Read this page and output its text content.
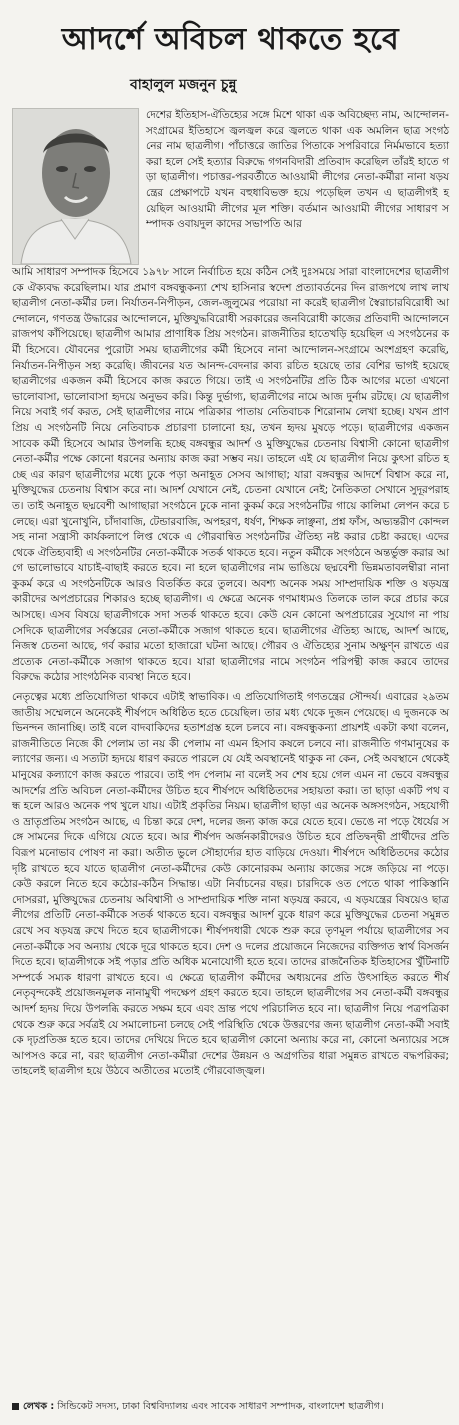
আদর্শে অবিচল থাকতে হবে
বাহালুল মজনুন চুন্নু
দেশের ইতিহাস-ঐতিহ্যের সঙ্গে মিশে থাকা এক অবিচ্ছেদ্য নাম, আন্দোলন-সংগ্রামের ইতিহাসে জ্বলজ্বল করে জ্বলতে থাকা এক অমলিন ছাত্র সংগঠনের নাম ছাত্রলীগ। পাঁচাত্তরে জাতির পিতাকে সপরিবারে নির্মমভাবে হত্যা করা হলে সেই হত্যার বিরুদ্ধে গগনবিদারী প্রতিবাদ করেছিল তাঁরই হাতে গড়া ছাত্রলীগ। পচাত্তর-পরবর্তীতে আওয়ামী লীগের নেতা-কর্মীরা নানা ষড়যন্ত্রের প্রেক্ষাপটে যখন বহুধাবিভক্ত হয়ে পড়েছিল তখন এ ছাত্রলীগই হয়েছিল আওয়ামী লীগের মূল শক্তি। বর্তমান আওয়ামী লীগের সাধারণ সম্পাদক ওবায়দুল কাদের সভাপতি আর

আমি সাধারণ সম্পাদক হিসেবে ১৯৭৮ সালে নির্বাচিত হয়ে কঠিন সেই দুঃসময়ে সারা বাংলাদেশের ছাত্রলীগকে ঐক্যবদ্ধ করেছিলাম। যার প্রমাণ বঙ্গবন্ধুকন্যা শেখ হাসিনার স্বদেশ প্রত্যাবর্তনের দিন রাজপথে লাখ লাখ ছাত্রলীগ নেতা-কর্মীর ঢল। নির্যাতন-নিপীড়ন, জেল-জুলুমের পরোয়া না করেই ছাত্রলীগ স্বৈরাচারবিরোধী আন্দোলনে, গণতন্ত্র উদ্ধারের আন্দোলনে, মুক্তিযুদ্ধবিরোধী সরকারের জনবিরোধী কাজের প্রতিবাদী আন্দোলনে রাজপথ কাঁপিয়েছে। ছাত্রলীগ আমার প্রাণাধিক প্রিয় সংগঠন। রাজনীতির হাতেখড়ি হয়েছিল এ সংগঠনের কর্মী হিসেবে। যৌবনের পুরোটা সময় ছাত্রলীগের কর্মী হিসেবে নানা আন্দোলন-সংগ্রামে অংশগ্রহণ করেছি, নির্যাতন-নিপীড়ন সহ্য করেছি। জীবনের যত আনন্দ-বেদনার কাব্য রচিত হয়েছে তার বেশির ভাগই হয়েছে ছাত্রলীগের একজন কর্মী হিসেবে কাজ করতে গিয়ে। তাই এ সংগঠনটির প্রতি ঠিক আগের মতো এখনো ভালোবাসা, ভালোবাসা হৃদয়ে অনুভব করি। কিন্তু দুর্ভাগ্য, ছাত্রলীগের নামে আজ দুর্নাম রটছে। যে ছাত্রলীগ নিয়ে সবাই গর্ব করত, সেই ছাত্রলীগের নামে পত্রিকার পাতায় নেতিবাচক শিরোনাম লেখা হচ্ছে। যখন প্রাণপ্রিয় এ সংগঠনটি নিয়ে নেতিবাচক প্রচারণা চালানো হয়, তখন হৃদয় মুষড়ে পড়ে। ছাত্রলীগের একজন সাবেক কর্মী হিসেবে আমার উপলব্ধি হচ্ছে বঙ্গবন্ধুর আদর্শ ও মুক্তিযুদ্ধের চেতনায় বিশ্বাসী কোনো ছাত্রলীগ নেতা-কর্মীর পক্ষে কোনো ধরনের অন্যায় কাজ করা সম্ভব নয়। তাহলে এই যে ছাত্রলীগ নিয়ে কুৎসা রচিত হচ্ছে এর কারণ ছাত্রলীগের মধ্যে ঢুকে পড়া অনাহূত সেসব আগাছা; যারা বঙ্গবন্ধুর আদর্শে বিশ্বাস করে না, মুক্তিযুদ্ধের চেতনায় বিশ্বাস করে না। আদর্শ যেখানে নেই, চেতনা যেখানে নেই; নৈতিকতা সেখানে সুদূরপরাহত। তাই অনাহূত ছদ্মবেশী আগাছারা সংগঠনে ঢুকে নানা কুকর্ম করে সংগঠনটির গায়ে কালিমা লেপন করে চলেছে। এরা খুনোখুনি, চাঁদাবাজি, টেন্ডারবাজি, অপহরণ, ধর্ষণ, শিক্ষক লাঞ্ছনা, প্রশ্ন ফাঁস, অভ্যন্তরীণ কোন্দলসহ নানা সন্ত্রাসী কার্যকলাপে লিপ্ত থেকে এ গৌরবান্বিত সংগঠনটির ঐতিহ্য নষ্ট করার চেষ্টা করছে। এদের থেকে ঐতিহ্যবাহী এ সংগঠনটির নেতা-কর্মীকে সতর্ক থাকতে হবে। নতুন কর্মীকে সংগঠনে অন্তর্ভুক্ত করার আগে ভালোভাবে যাচাই-বাছাই করতে হবে। না হলে ছাত্রলীগের নাম ভাঙিয়ে ছদ্মবেশী ভিন্নমতাবলম্বীরা নানা কুকর্ম করে এ সংগঠনটিকে আরও বিতর্কিত করে তুলবে। অবশ্য অনেক সময় সাম্প্রদায়িক শক্তি ও ষড়যন্ত্রকারীদের অপপ্রচারের শিকারও হচ্ছে ছাত্রলীগ। এ ক্ষেত্রে অনেক গণমাধ্যমও তিলকে তাল করে প্রচার করে আসছে। এসব বিষয়ে ছাত্রলীগকে সদা সতর্ক থাকতে হবে। কেউ যেন কোনো অপপ্রচারের সুযোগ না পায় সেদিকে ছাত্রলীগের সর্বস্তরের নেতা-কর্মীকে সজাগ থাকতে হবে। ছাত্রলীগের ঐতিহ্য আছে, আদর্শ আছে, নিজস্ব চেতনা আছে, গর্ব করার মতো হাজারো ঘটনা আছে। গৌরব ও ঐতিহ্যের সুনাম অক্ষুণ্ন রাখতে এর প্রত্যেক নেতা-কর্মীকে সজাগ থাকতে হবে। যারা ছাত্রলীগের নামে সংগঠন পরিপন্থী কাজ করবে তাদের বিরুদ্ধে কঠোর সাংগঠনিক ব্যবস্থা নিতে হবে।

নেতৃত্বের মধ্যে প্রতিযোগিতা থাকবে এটাই স্বাভাবিক। এ প্রতিযোগিতাই গণতন্ত্রের সৌন্দর্য। এবারের ২৯তম জাতীয় সম্মেলনে অনেকেই শীর্ষপদে অধিষ্ঠিত হতে চেয়েছিল। তার মধ্য থেকে দুজন পেয়েছে। এ দুজনকে অভিনন্দন জানাচ্ছি। তাই বলে বাদবাকিদের হতাশগ্রস্ত হলে চলবে না। বঙ্গবন্ধুকন্যা প্রায়শই একটা কথা বলেন, রাজনীতিতে নিজে কী পেলাম তা নয় কী পেলাম না এমন হিসাব কষলে চলবে না। রাজনীতি গণমানুষের কল্যাণের জন্য। এ সত্যটা হৃদয়ে ধারণ করতে পারলে যে যেই অবস্থানেই থাকুক না কেন, সেই অবস্থানে থেকেই মানুষের কল্যাণে কাজ করতে পারবে। তাই পদ পেলাম না বলেই সব শেষ হয়ে গেল এমন না ভেবে বঙ্গবন্ধুর আদর্শের প্রতি অবিচল নেতা-কর্মীদের উচিত হবে শীর্ষপদে অধিষ্ঠিতদের সহায়তা করা। তা ছাড়া একটি পথ বন্ধ হলে আরও অনেক পথ খুলে যায়। এটাই প্রকৃতির নিয়ম। ছাত্রলীগ ছাড়া এর অনেক অঙ্গসংগঠন, সহযোগী ও ভ্রাতৃপ্রতিম সংগঠন আছে, এ চিন্তা করে দেশ, দলের জন্য কাজ করে যেতে হবে। ভেঙে না পড়ে ধৈর্যের সঙ্গে সামনের দিকে এগিয়ে যেতে হবে। আর শীর্ষপদ অর্জনকারীদেরও উচিত হবে প্রতিদ্বন্দ্বী প্রার্থীদের প্রতি বিরূপ মনোভাব পোষণ না করা। অতীত ভুলে সৌহার্দ্যের হাত বাড়িয়ে দেওয়া। শীর্ষপদে অধিষ্ঠিতদের কঠোর দৃষ্টি রাখতে হবে যাতে ছাত্রলীগ নেতা-কর্মীদের কেউ কোনোরকম অন্যায় কাজের সঙ্গে জড়িয়ে না পড়ে। কেউ করলে নিতে হবে কঠোর-কঠিন সিদ্ধান্ত। এটা নির্বাচনের বছর। চারদিকে ওত পেতে থাকা পাকিস্তানি দোসররা, মুক্তিযুদ্ধের চেতনায় অবিশ্বাসী ও সাম্প্রদায়িক শক্তি নানা ষড়যন্ত্র করবে, এ ষড়যন্ত্রের বিষয়েও ছাত্রলীগের প্রতিটি নেতা-কর্মীকে সতর্ক থাকতে হবে। বঙ্গবন্ধুর আদর্শ বুকে ধারণ করে মুক্তিযুদ্ধের চেতনা সমুন্নত রেখে সব ষড়যন্ত্র রুখে দিতে হবে ছাত্রলীগকে। শীর্ষপদধারী থেকে শুরু করে তৃণমূল পর্যায়ে ছাত্রলীগের সব নেতা-কর্মীকে সব অন্যায় থেকে দূরে থাকতে হবে। দেশ ও দলের প্রয়োজনে নিজেদের ব্যক্তিগত স্বার্থ বিসর্জন দিতে হবে। ছাত্রলীগকে সই পড়ার প্রতি অধিক মনোযোগী হতে হবে। তাদের রাজনৈতিক ইতিহাসের খুঁটিনাটি সম্পর্কে সম্যক ধারণা রাখতে হবে। এ ক্ষেত্রে ছাত্রলীগ কর্মীদের অধ্যয়নের প্রতি উৎসাহিত করতে শীর্ষ নেতৃবৃন্দকেই প্রয়োজনমূলক নানামুখী পদক্ষেপ গ্রহণ করতে হবে। তাহলে ছাত্রলীগের সব নেতা-কর্মী বঙ্গবন্ধুর আদর্শ হৃদয় দিয়ে উপলব্ধি করতে সক্ষম হবে এবং ভ্রান্ত পথে পরিচালিত হবে না। ছাত্রলীগ নিয়ে পত্রপত্রিকা থেকে শুরু করে সর্বত্রই যে সমালোচনা চলছে সেই পরিস্থিতি থেকে উত্তরণের জন্য ছাত্রলীগ নেতা-কর্মী সবাইকে দৃঢ়প্রতিজ্ঞ হতে হবে। তাদের দেখিয়ে দিতে হবে ছাত্রলীগ কোনো অন্যায় করে না, কোনো অন্যায়ের সঙ্গে আপসও করে না, বরং ছাত্রলীগ নেতা-কর্মীরা দেশের উন্নয়ন ও অগ্রগতির ধারা সমুন্নত রাখতে বদ্ধপরিকর; তাহলেই ছাত্রলীগ হয়ে উঠবে অতীতের মতোই গৌরবোজ্জ্বল।

লেখক : সিন্ডিকেট সদস্য, ঢাকা বিশ্ববিদ্যালয় এবং সাবেক সাধারণ সম্পাদক, বাংলাদেশ ছাত্রলীগ।
